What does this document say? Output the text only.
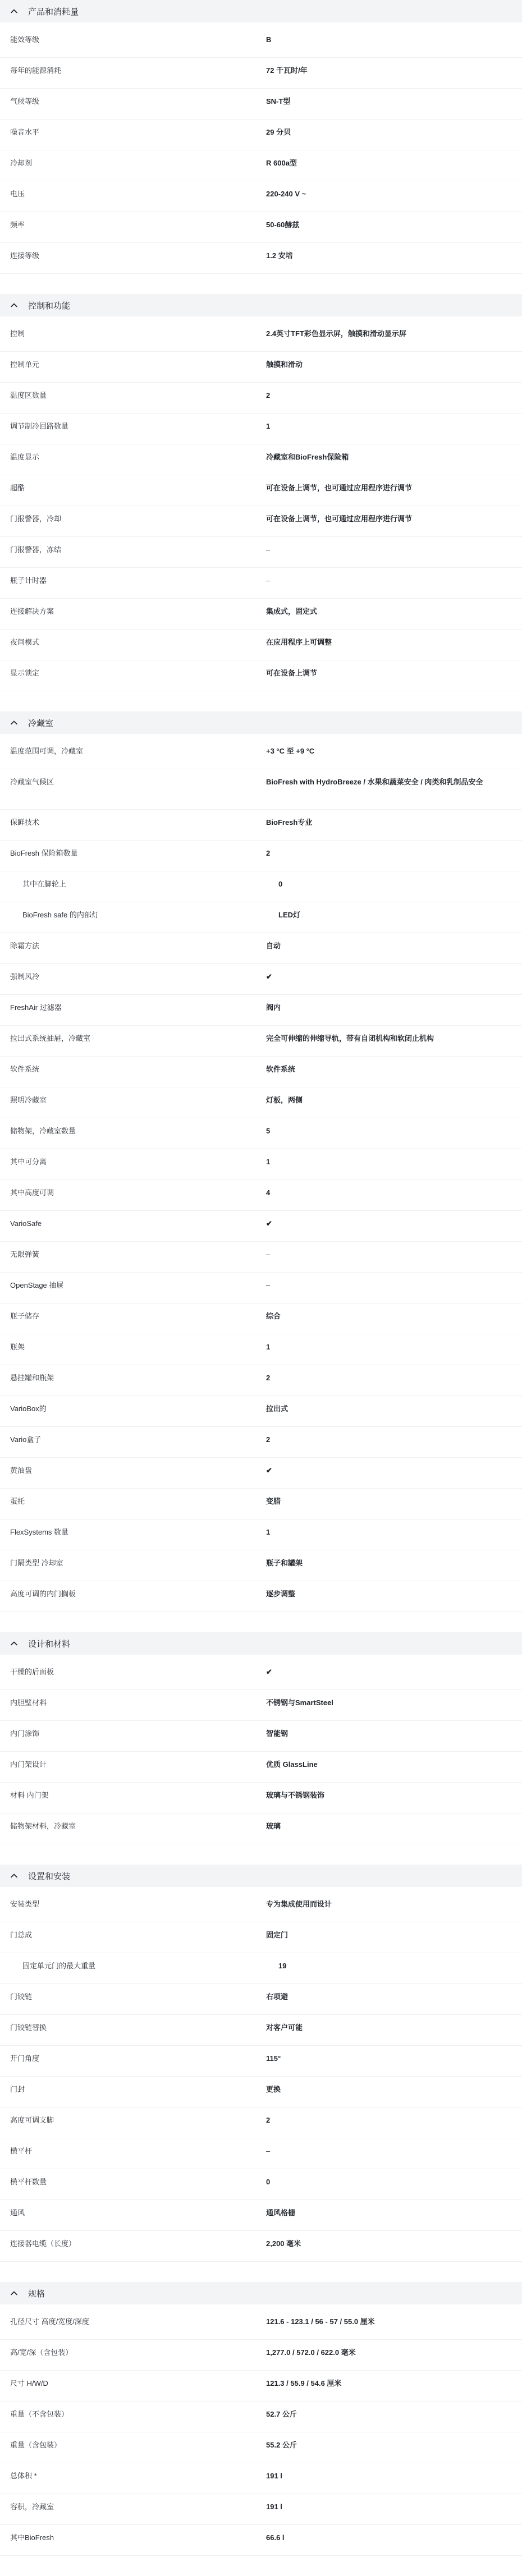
产品和消耗量
能效等级	B
每年的能源消耗	72 千瓦时/年
气候等级	SN-T型
噪音水平	29 分贝
冷却剂	R 600a型
电压	220-240 V ~
频率	50-60赫兹
连接等级	1.2 安培
控制和功能
控制	2.4英寸TFT彩色显示屏，触摸和滑动显示屏
控制单元	触摸和滑动
温度区数量	2
调节制冷回路数量	1
温度显示	冷藏室和BioFresh保险箱
超酷	可在设备上调节，也可通过应用程序进行调节
门报警器，冷却	可在设备上调节，也可通过应用程序进行调节
门报警器，冻结	–
瓶子计时器	–
连接解决方案	集成式，固定式
夜间模式	在应用程序上可调整
显示锁定	可在设备上调节
冷藏室
温度范围可调，冷藏室	+3 °C 至 +9 °C
冷藏室气候区	BioFresh with HydroBreeze / 水果和蔬菜安全 / 肉类和乳制品安全
保鲜技术	BioFresh专业
BioFresh 保险箱数量	2
其中在脚轮上	0
BioFresh safe 的内部灯	LED灯
除霜方法	自动
强制风冷	✔
FreshAir 过滤器	阀内
拉出式系统抽屉，冷藏室	完全可伸缩的伸缩导轨，带有自闭机构和软闭止机构
软件系统	软件系统
照明冷藏室	灯板，两侧
储物架，冷藏室数量	5
其中可分离	1
其中高度可调	4
VarioSafe	✔
无限弹簧	–
OpenStage 抽屉	–
瓶子储存	综合
瓶架	1
悬挂罐和瓶架	2
VarioBox的	拉出式
Vario盒子	2
黄油盘	✔
蛋托	变腊
FlexSystems 数量	1
门隔类型 冷却室	瓶子和罐架
高度可调的内门搁板	逐步调整
设计和材料
干燥的后面板	✔
内胆壁材料	不锈钢与SmartSteel
内门涂饰	智能钢
内门架设计	优质 GlassLine
材料 内门架	玻璃与不锈钢装饰
储物架材料，冷藏室	玻璃
设置和安装
安装类型	专为集成使用而设计
门总成	固定门
固定单元门的最大重量	19
门铰链	右项避
门铰链替换	对客户可能
开门角度	115°
门封	更换
高度可调支脚	2
横平杆	–
横平杆数量	0
通风	通风格栅
连接器电缆（长度）	2,200 毫米
规格
孔径尺寸 高度/宽度/深度	121.6 - 123.1 / 56 - 57 / 55.0 厘米
高/宽/深（含包装）	1,277.0 / 572.0 / 622.0 毫米
尺寸 H/W/D	121.3 / 55.9 / 54.6 厘米
重量（不含包装）	52.7 公斤
重量（含包装）	55.2 公斤
总体积 *	191 l
容积，冷藏室	191 l
其中BioFresh	66.6 l
